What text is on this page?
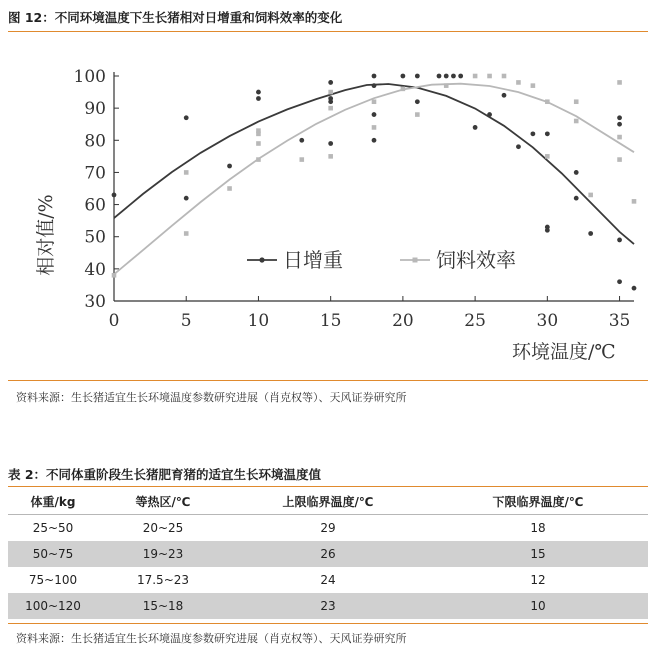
图 12：不同环境温度下生长猪相对日增重和饲料效率的变化
30
40
50
60
70
80
90
100
0	5	10	15	20	25	30	35
日增重	饲料效率
环境温度/℃
相对值/%
资料来源：生长猪适宜生长环境温度参数研究进展（肖克权等）、天风证券研究所
表 2：不同体重阶段生长猪肥育猪的适宜生长环境温度值
体重/kg	等热区/℃	上限临界温度/℃	下限临界温度/℃
25~50	20~25	29	18
50~75	19~23	26	15
75~100	17.5~23	24	12
100~120	15~18	23	10
资料来源：生长猪适宜生长环境温度参数研究进展（肖克权等）、天风证券研究所
